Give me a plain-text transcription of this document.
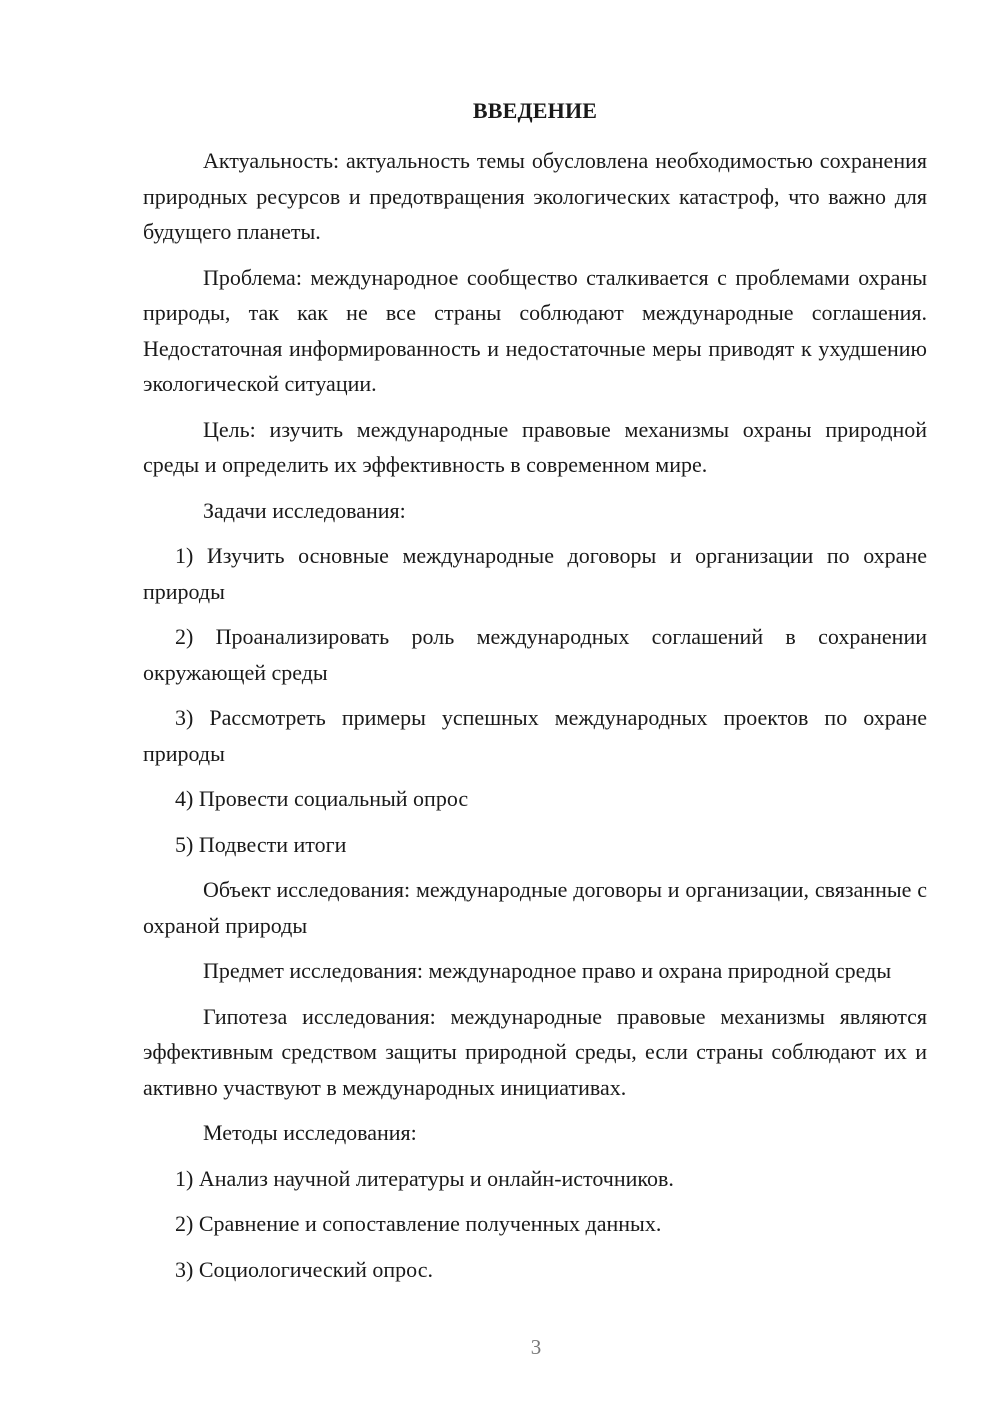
ВВЕДЕНИЕ

Актуальность: актуальность темы обусловлена необходимостью сохранения природных ресурсов и предотвращения экологических катастроф, что важно для будущего планеты.

Проблема: международное сообщество сталкивается с проблемами охраны природы, так как не все страны соблюдают международные соглашения. Недостаточная информированность и недостаточные меры приводят к ухудшению экологической ситуации.

Цель: изучить международные правовые механизмы охраны природной среды и определить их эффективность в современном мире.

Задачи исследования:

1) Изучить основные международные договоры и организации по охране природы

2) Проанализировать роль международных соглашений в сохранении окружающей среды

3) Рассмотреть примеры успешных международных проектов по охране природы

4) Провести социальный опрос

5) Подвести итоги

Объект исследования: международные договоры и организации, связанные с охраной природы

Предмет исследования: международное право и охрана природной среды

Гипотеза исследования: международные правовые механизмы являются эффективным средством защиты природной среды, если страны соблюдают их и активно участвуют в международных инициативах.

Методы исследования:

1) Анализ научной литературы и онлайн-источников.

2) Сравнение и сопоставление полученных данных.

3) Социологический опрос.

3
